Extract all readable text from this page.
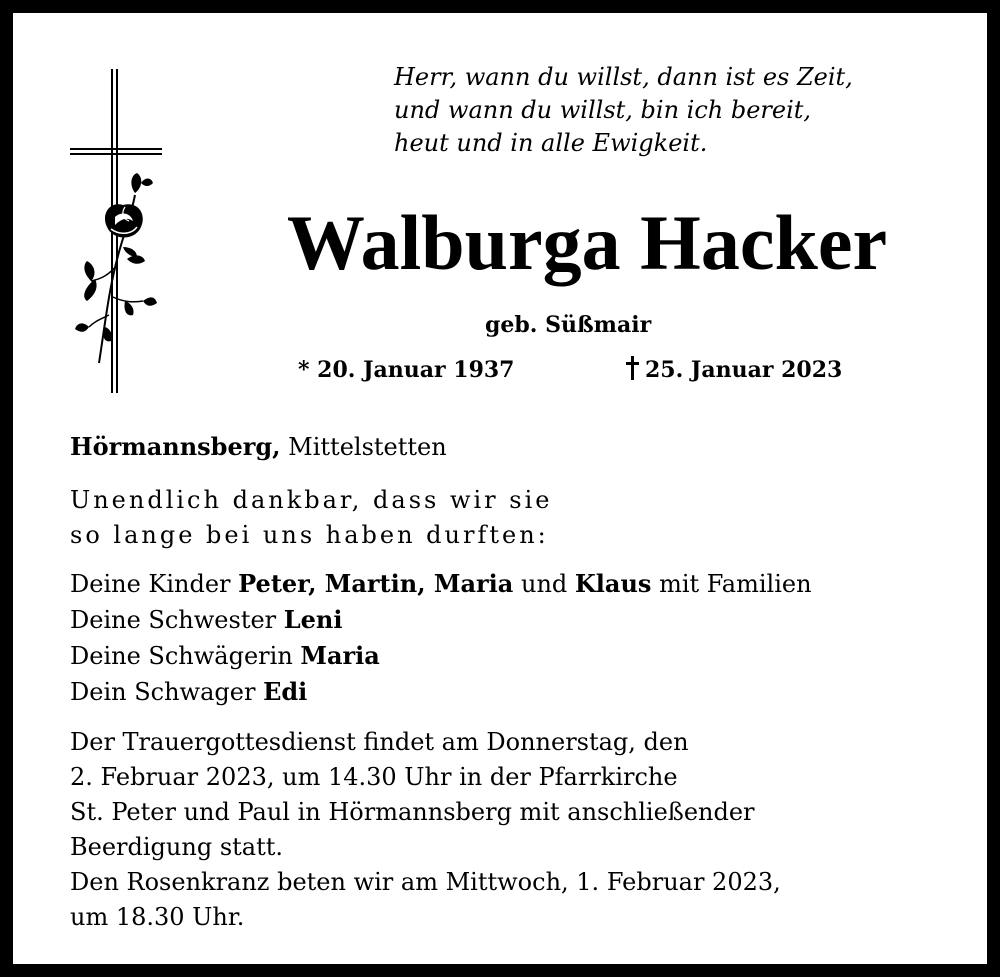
Herr, wann du willst, dann ist es Zeit,
und wann du willst, bin ich bereit,
heut und in alle Ewigkeit.
Walburga Hacker
geb. Süßmair
* 20. Januar 1937	25. Januar 2023
Hörmannsberg, Mittelstetten
Unendlich dankbar, dass wir sie
so lange bei uns haben durften:
Deine Kinder Peter, Martin, Maria und Klaus mit Familien
Deine Schwester Leni
Deine Schwägerin Maria
Dein Schwager Edi
Der Trauergottesdienst findet am Donnerstag, den
2. Februar 2023, um 14.30 Uhr in der Pfarrkirche
St. Peter und Paul in Hörmannsberg mit anschließender
Beerdigung statt.
Den Rosenkranz beten wir am Mittwoch, 1. Februar 2023,
um 18.30 Uhr.
